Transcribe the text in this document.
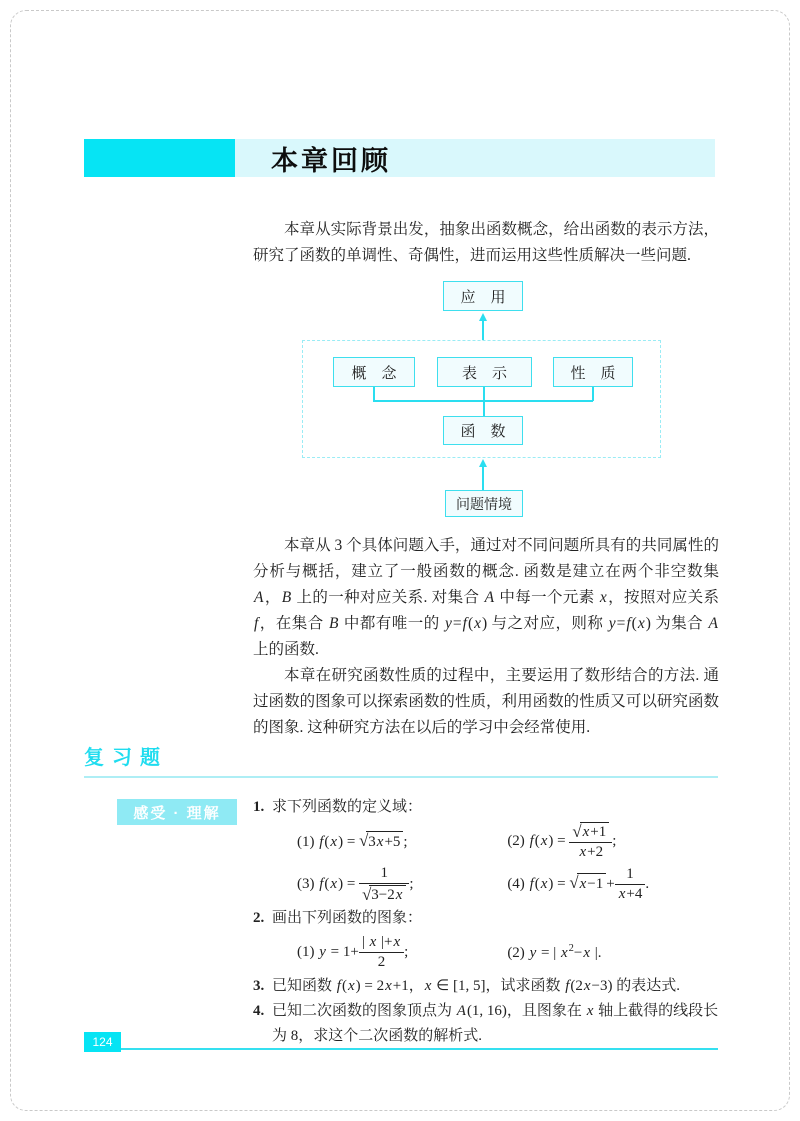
本章回顾

本章从实际背景出发，抽象出函数概念，给出函数的表示方法，研究了函数的单调性、奇偶性，进而运用这些性质解决一些问题.

应　用
概　念	表　示	性　质
函　数
问题情境

本章从 3 个具体问题入手，通过对不同问题所具有的共同属性的分析与概括，建立了一般函数的概念. 函数是建立在两个非空数集 A，B 上的一种对应关系. 对集合 A 中每一个元素 x，按照对应关系 f，在集合 B 中都有唯一的 y=f(x) 与之对应，则称 y=f(x) 为集合 A 上的函数.

本章在研究函数性质的过程中，主要运用了数形结合的方法. 通过函数的图象可以探索函数的性质，利用函数的性质又可以研究函数的图象. 这种研究方法在以后的学习中会经常使用.

复习题
感受 · 理解	1. 求下列函数的定义域：
(1) f(x) = √3x+5 ;	(2) $f(x) = \frac{√x+1}{x+2}$ ;
(3) $f(x) = \frac{1}{√3-2x}$ ;	(4) $f(x) = √x-1 + \frac{1}{x+4}$ .
2. 画出下列函数的图象：
(1) $y = 1+ \frac{| x |+x}{2}$ ;	(2) y = | $x^2-x$ |.
3. 已知函数 f(x) = 2x+1，x ∈ [1, 5]，试求函数 f(2x−3) 的表达式.
4. 已知二次函数的图象顶点为 A(1, 16)，且图象在 x 轴上截得的线段长为 8，求这个二次函数的解析式.
124
